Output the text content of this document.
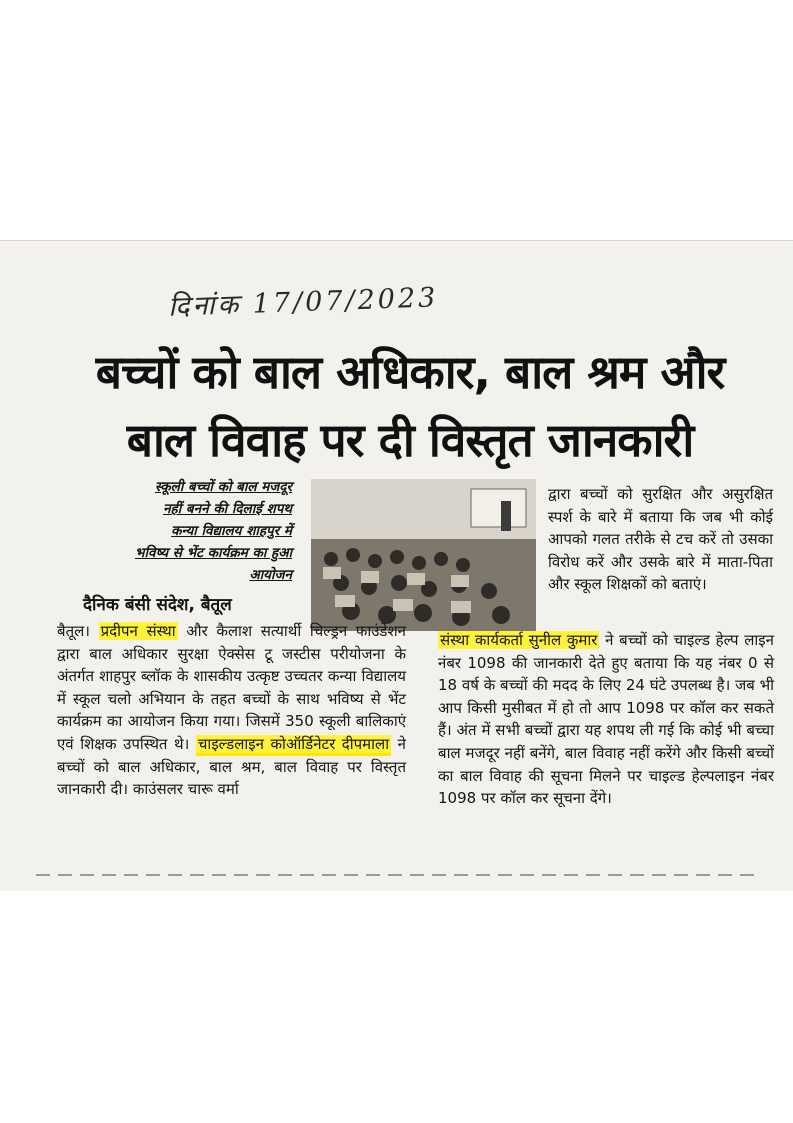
दिनांक 17/07/2023
बच्चों को बाल अधिकार, बाल श्रम और
बाल विवाह पर दी विस्तृत जानकारी
स्कूली बच्चों को बाल मजदूर
नहीं बनने की दिलाई शपथ
कन्या विद्यालय शाहपुर में
भविष्य से भेंट कार्यक्रम का हुआ
आयोजन
दैनिक बंसी संदेश, बैतूल

द्वारा बच्चों को सुरक्षित और असुरक्षित स्पर्श के बारे में बताया कि जब भी कोई आपको गलत तरीके से टच करें तो उसका विरोध करें और उसके बारे में माता-पिता और स्कूल शिक्षकों को बताएं।

बैतूल। प्रदीपन संस्था और कैलाश सत्यार्थी चिल्ड्रन फाउंडेशन द्वारा बाल अधिकार सुरक्षा ऐक्सेस टू जस्टीस परीयोजना के अंतर्गत शाहपुर ब्लॉक के शासकीय उत्कृष्ट उच्चतर कन्या विद्यालय में स्कूल चलो अभियान के तहत बच्चों के साथ भविष्य से भेंट कार्यक्रम का आयोजन किया गया। जिसमें 350 स्कूली बालिकाएं एवं शिक्षक उपस्थित थे। चाइल्डलाइन कोऑर्डिनेटर दीपमाला ने बच्चों को बाल अधिकार, बाल श्रम, बाल विवाह पर विस्तृत जानकारी दी। काउंसलर चारू वर्मा

संस्था कार्यकर्ता सुनील कुमार ने बच्चों को चाइल्ड हेल्प लाइन नंबर 1098 की जानकारी देते हुए बताया कि यह नंबर 0 से 18 वर्ष के बच्चों की मदद के लिए 24 घंटे उपलब्ध है। जब भी आप किसी मुसीबत में हो तो आप 1098 पर कॉल कर सकते हैं। अंत में सभी बच्चों द्वारा यह शपथ ली गई कि कोई भी बच्चा बाल मजदूर नहीं बनेंगे, बाल विवाह नहीं करेंगे और किसी बच्चों का बाल विवाह की सूचना मिलने पर चाइल्ड हेल्पलाइन नंबर 1098 पर कॉल कर सूचना देंगे।
